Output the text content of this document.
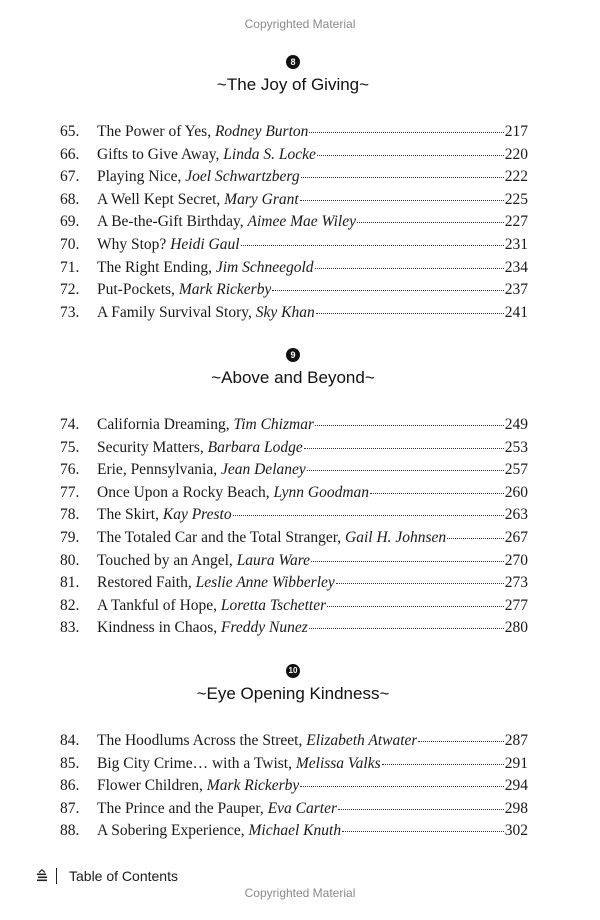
Copyrighted Material
8
~The Joy of Giving~
9
~Above and Beyond~
10
~Eye Opening Kindness~
65.	The Power of Yes, Rodney Burton	217
66.	Gifts to Give Away, Linda S. Locke	220
67.	Playing Nice, Joel Schwartzberg	222
68.	A Well Kept Secret, Mary Grant	225
69.	A Be-the-Gift Birthday, Aimee Mae Wiley	227
70.	Why Stop? Heidi Gaul	231
71.	The Right Ending, Jim Schneegold	234
72.	Put-Pockets, Mark Rickerby	237
73.	A Family Survival Story, Sky Khan	241
74.	California Dreaming, Tim Chizmar	249
75.	Security Matters, Barbara Lodge	253
76.	Erie, Pennsylvania, Jean Delaney	257
77.	Once Upon a Rocky Beach, Lynn Goodman	260
78.	The Skirt, Kay Presto	263
79.	The Totaled Car and the Total Stranger, Gail H. Johnsen	267
80.	Touched by an Angel, Laura Ware	270
81.	Restored Faith, Leslie Anne Wibberley	273
82.	A Tankful of Hope, Loretta Tschetter	277
83.	Kindness in Chaos, Freddy Nunez	280
84.	The Hoodlums Across the Street, Elizabeth Atwater	287
85.	Big City Crime… with a Twist, Melissa Valks	291
86.	Flower Children, Mark Rickerby	294
87.	The Prince and the Pauper, Eva Carter	298
88.	A Sobering Experience, Michael Knuth	302
Table of Contents
Copyrighted Material
